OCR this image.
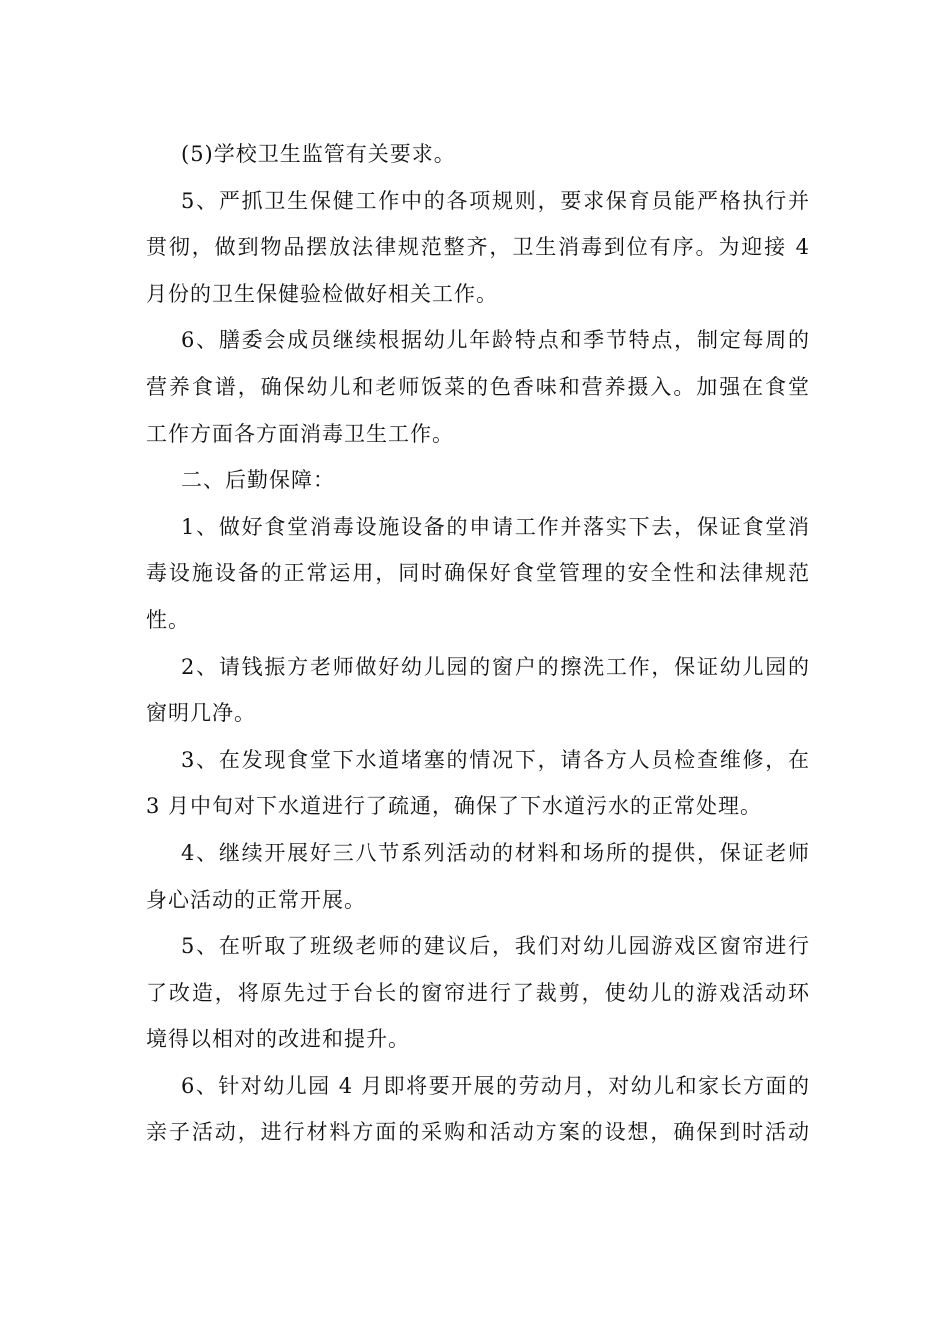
(5)学校卫生监管有关要求。
5、严抓卫生保健工作中的各项规则，要求保育员能严格执行并
贯彻，做到物品摆放法律规范整齐，卫生消毒到位有序。为迎接 4
月份的卫生保健验检做好相关工作。
6、膳委会成员继续根据幼儿年龄特点和季节特点，制定每周的
营养食谱，确保幼儿和老师饭菜的色香味和营养摄入。加强在食堂
工作方面各方面消毒卫生工作。
二、后勤保障：
1、做好食堂消毒设施设备的申请工作并落实下去，保证食堂消
毒设施设备的正常运用，同时确保好食堂管理的安全性和法律规范
性。
2、请钱振方老师做好幼儿园的窗户的擦洗工作，保证幼儿园的
窗明几净。
3、在发现食堂下水道堵塞的情况下，请各方人员检查维修，在
3 月中旬对下水道进行了疏通，确保了下水道污水的正常处理。
4、继续开展好三八节系列活动的材料和场所的提供，保证老师
身心活动的正常开展。
5、在听取了班级老师的建议后，我们对幼儿园游戏区窗帘进行
了改造，将原先过于台长的窗帘进行了裁剪，使幼儿的游戏活动环
境得以相对的改进和提升。
6、针对幼儿园 4 月即将要开展的劳动月，对幼儿和家长方面的
亲子活动，进行材料方面的采购和活动方案的设想，确保到时活动
